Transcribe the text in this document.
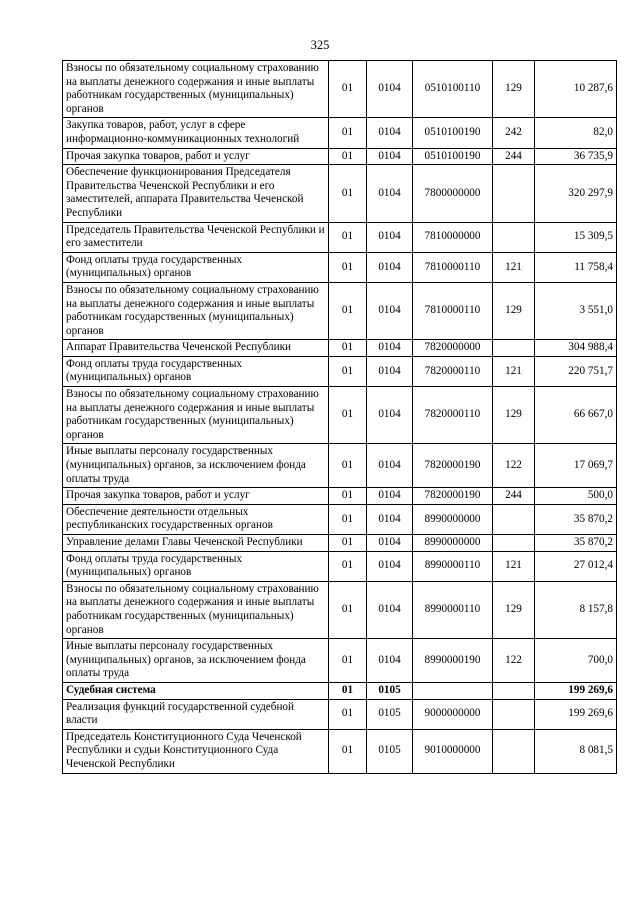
325
Взносы по обязательному социальному страхованию на выплаты денежного содержания и иные выплаты работникам государственных (муниципальных) органов	01	0104	0510100110	129	10 287,6
Закупка товаров, работ, услуг в сфере информационно-коммуникационных технологий	01	0104	0510100190	242	82,0
Прочая закупка товаров, работ и услуг	01	0104	0510100190	244	36 735,9
Обеспечение функционирования Председателя Правительства Чеченской Республики и его заместителей, аппарата Правительства Чеченской Республики	01	0104	7800000000		320 297,9
Председатель Правительства Чеченской Республики и его заместители	01	0104	7810000000		15 309,5
Фонд оплаты труда государственных (муниципальных) органов	01	0104	7810000110	121	11 758,4
Взносы по обязательному социальному страхованию на выплаты денежного содержания и иные выплаты работникам государственных (муниципальных) органов	01	0104	7810000110	129	3 551,0
Аппарат Правительства Чеченской Республики	01	0104	7820000000		304 988,4
Фонд оплаты труда государственных (муниципальных) органов	01	0104	7820000110	121	220 751,7
Взносы по обязательному социальному страхованию на выплаты денежного содержания и иные выплаты работникам государственных (муниципальных) органов	01	0104	7820000110	129	66 667,0
Иные выплаты персоналу государственных (муниципальных) органов, за исключением фонда оплаты труда	01	0104	7820000190	122	17 069,7
Прочая закупка товаров, работ и услуг	01	0104	7820000190	244	500,0
Обеспечение деятельности отдельных республиканских государственных органов	01	0104	8990000000		35 870,2
Управление делами Главы Чеченской Республики	01	0104	8990000000		35 870,2
Фонд оплаты труда государственных (муниципальных) органов	01	0104	8990000110	121	27 012,4
Взносы по обязательному социальному страхованию на выплаты денежного содержания и иные выплаты работникам государственных (муниципальных) органов	01	0104	8990000110	129	8 157,8
Иные выплаты персоналу государственных (муниципальных) органов, за исключением фонда оплаты труда	01	0104	8990000190	122	700,0
Судебная система	01	0105			199 269,6
Реализация функций государственной судебной власти	01	0105	9000000000		199 269,6
Председатель Конституционного Суда Чеченской Республики и судьи Конституционного Суда Чеченской Республики	01	0105	9010000000		8 081,5
